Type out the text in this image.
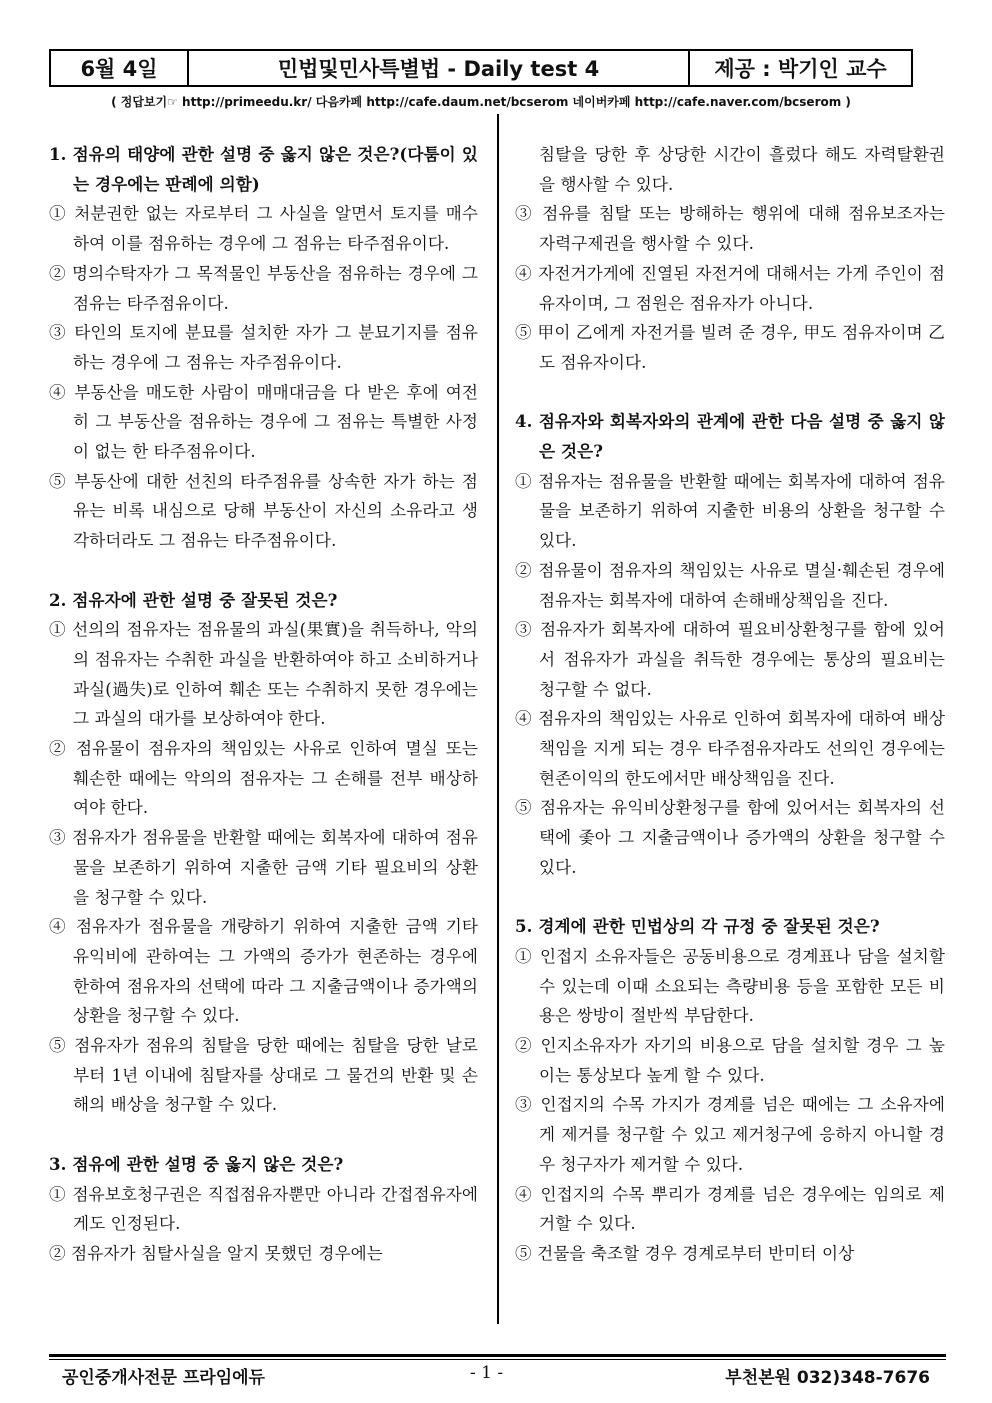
6월 4일	민법및민사특별법 - Daily test 4	제공 : 박기인 교수
( 정답보기☞ http://primeedu.kr/ 다음카페 http://cafe.daum.net/bcserom 네이버카페 http://cafe.naver.com/bcserom )

1. 점유의 태양에 관한 설명 중 옳지 않은 것은?(다툼이 있는 경우에는 판례에 의함)

① 처분권한 없는 자로부터 그 사실을 알면서 토지를 매수하여 이를 점유하는 경우에 그 점유는 타주점유이다.

② 명의수탁자가 그 목적물인 부동산을 점유하는 경우에 그 점유는 타주점유이다.

③ 타인의 토지에 분묘를 설치한 자가 그 분묘기지를 점유하는 경우에 그 점유는 자주점유이다.

④ 부동산을 매도한 사람이 매매대금을 다 받은 후에 여전히 그 부동산을 점유하는 경우에 그 점유는 특별한 사정이 없는 한 타주점유이다.

⑤ 부동산에 대한 선친의 타주점유를 상속한 자가 하는 점유는 비록 내심으로 당해 부동산이 자신의 소유라고 생각하더라도 그 점유는 타주점유이다.

2. 점유자에 관한 설명 중 잘못된 것은?

① 선의의 점유자는 점유물의 과실(果實)을 취득하나, 악의의 점유자는 수취한 과실을 반환하여야 하고 소비하거나 과실(過失)로 인하여 훼손 또는 수취하지 못한 경우에는 그 과실의 대가를 보상하여야 한다.

② 점유물이 점유자의 책임있는 사유로 인하여 멸실 또는 훼손한 때에는 악의의 점유자는 그 손해를 전부 배상하여야 한다.

③ 점유자가 점유물을 반환할 때에는 회복자에 대하여 점유물을 보존하기 위하여 지출한 금액 기타 필요비의 상환을 청구할 수 있다.

④ 점유자가 점유물을 개량하기 위하여 지출한 금액 기타 유익비에 관하여는 그 가액의 증가가 현존하는 경우에 한하여 점유자의 선택에 따라 그 지출금액이나 증가액의 상환을 청구할 수 있다.

⑤ 점유자가 점유의 침탈을 당한 때에는 침탈을 당한 날로부터 1년 이내에 침탈자를 상대로 그 물건의 반환 및 손해의 배상을 청구할 수 있다.

3. 점유에 관한 설명 중 옳지 않은 것은?

① 점유보호청구권은 직접점유자뿐만 아니라 간접점유자에게도 인정된다.

② 점유자가 침탈사실을 알지 못했던 경우에는

침탈을 당한 후 상당한 시간이 흘렀다 해도 자력탈환권을 행사할 수 있다.

③ 점유를 침탈 또는 방해하는 행위에 대해 점유보조자는 자력구제권을 행사할 수 있다.

④ 자전거가게에 진열된 자전거에 대해서는 가게 주인이 점유자이며, 그 점원은 점유자가 아니다.

⑤ 甲이 乙에게 자전거를 빌려 준 경우, 甲도 점유자이며 乙도 점유자이다.

4. 점유자와 회복자와의 관계에 관한 다음 설명 중 옳지 않은 것은?

① 점유자는 점유물을 반환할 때에는 회복자에 대하여 점유물을 보존하기 위하여 지출한 비용의 상환을 청구할 수 있다.

② 점유물이 점유자의 책임있는 사유로 멸실·훼손된 경우에 점유자는 회복자에 대하여 손해배상책임을 진다.

③ 점유자가 회복자에 대하여 필요비상환청구를 함에 있어서 점유자가 과실을 취득한 경우에는 통상의 필요비는 청구할 수 없다.

④ 점유자의 책임있는 사유로 인하여 회복자에 대하여 배상책임을 지게 되는 경우 타주점유자라도 선의인 경우에는 현존이익의 한도에서만 배상책임을 진다.

⑤ 점유자는 유익비상환청구를 함에 있어서는 회복자의 선택에 좇아 그 지출금액이나 증가액의 상환을 청구할 수 있다.

5. 경계에 관한 민법상의 각 규정 중 잘못된 것은?

① 인접지 소유자들은 공동비용으로 경계표나 담을 설치할 수 있는데 이때 소요되는 측량비용 등을 포함한 모든 비용은 쌍방이 절반씩 부담한다.

② 인지소유자가 자기의 비용으로 담을 설치할 경우 그 높이는 통상보다 높게 할 수 있다.

③ 인접지의 수목 가지가 경계를 넘은 때에는 그 소유자에게 제거를 청구할 수 있고 제거청구에 응하지 아니할 경우 청구자가 제거할 수 있다.

④ 인접지의 수목 뿌리가 경계를 넘은 경우에는 임의로 제거할 수 있다.

⑤ 건물을 축조할 경우 경계로부터 반미터 이상

공인중개사전문 프라임에듀	- 1 -	부천본원 032)348-7676
